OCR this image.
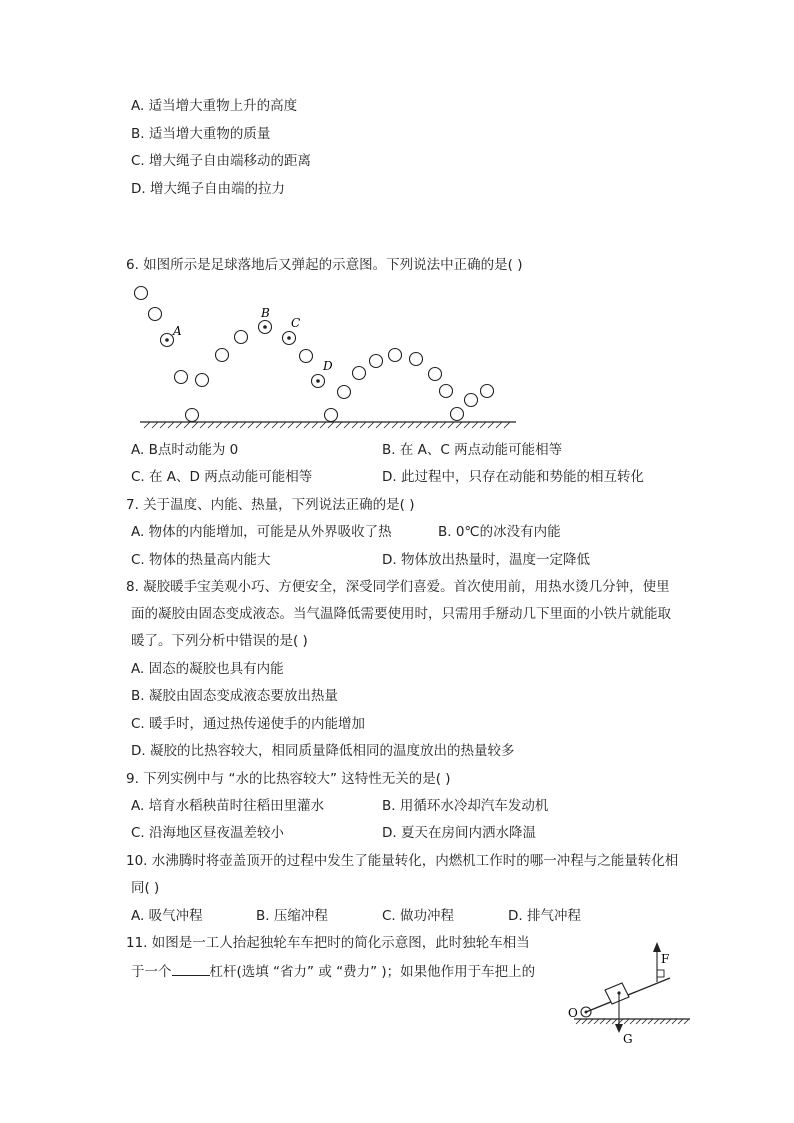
A. 适当增大重物上升的高度
B. 适当增大重物的质量
C. 增大绳子自由端移动的距离
D. 增大绳子自由端的拉力
6. 如图所示是足球落地后又弹起的示意图。下列说法中正确的是( )
A
B
C
D
A. B点时动能为 0	B. 在 A、C 两点动能可能相等
C. 在 A、D 两点动能可能相等	D. 此过程中，只存在动能和势能的相互转化
7. 关于温度、内能、热量，下列说法正确的是( )
A. 物体的内能增加，可能是从外界吸收了热	B. 0℃的冰没有内能
C. 物体的热量高内能大	D. 物体放出热量时，温度一定降低
8. 凝胶暖手宝美观小巧、方便安全，深受同学们喜爱。首次使用前，用热水烫几分钟，使里
面的凝胶由固态变成液态。当气温降低需要使用时，只需用手掰动几下里面的小铁片就能取
暖了。下列分析中错误的是( )
A. 固态的凝胶也具有内能
B. 凝胶由固态变成液态要放出热量
C. 暖手时，通过热传递使手的内能增加
D. 凝胶的比热容较大，相同质量降低相同的温度放出的热量较多
9. 下列实例中与 “水的比热容较大” 这特性无关的是( )
A. 培育水稻秧苗时往稻田里灌水	B. 用循环水冷却汽车发动机
C. 沿海地区昼夜温差较小	D. 夏天在房间内洒水降温
10. 水沸腾时将壶盖顶开的过程中发生了能量转化，内燃机工作时的哪一冲程与之能量转化相
同( )
A. 吸气冲程	B. 压缩冲程	C. 做功冲程	D. 排气冲程
11. 如图是一工人抬起独轮车车把时的简化示意图，此时独轮车相当
于一个	杠杆(选填 “省力” 或 “费力” )；如果他作用于车把上的
G
O
F
